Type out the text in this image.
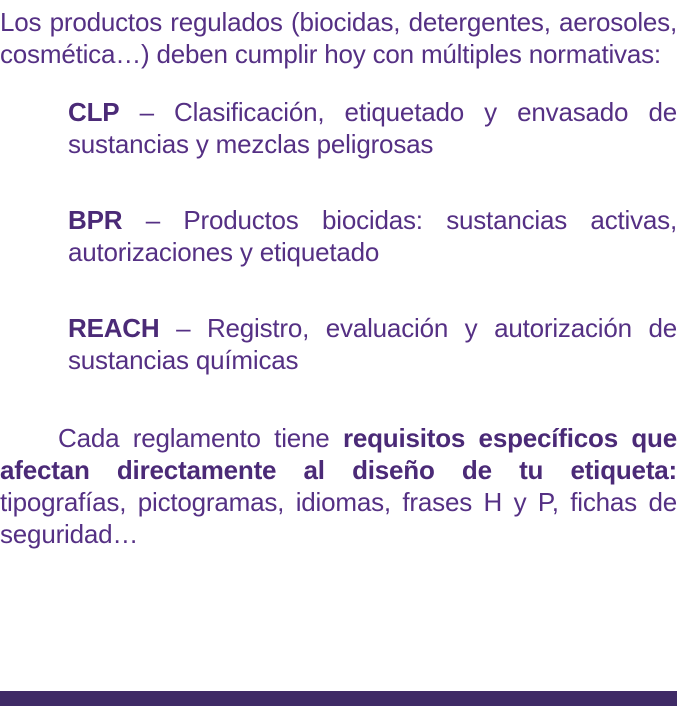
Los productos regulados (biocidas, detergentes, aerosoles, cosmética…) deben cumplir hoy con múltiples normativas:

CLP – Clasificación, etiquetado y envasado de sustancias y mezclas peligrosas

BPR – Productos biocidas: sustancias activas, autorizaciones y etiquetado

REACH – Registro, evaluación y autorización de sustancias químicas

Cada reglamento tiene requisitos específicos que afectan directamente al diseño de tu etiqueta: tipografías, pictogramas, idiomas, frases H y P, fichas de seguridad…
